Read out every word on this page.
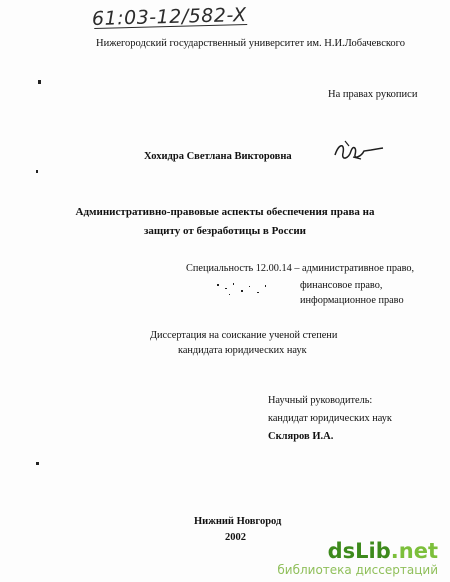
61:03-12/582-X
Нижегородский государственный университет им. Н.И.Лобачевского
На правах рукописи
Хохидра Светлана Викторовна
Административно-правовые аспекты обеспечения права на
защиту от безработицы в России
Специальность 12.00.14 – административное право,
финансовое право,
информационное право
Диссертация на соискание ученой степени
кандидата юридических наук
Научный руководитель:
кандидат юридических наук
Скляров И.А.
Нижний Новгород
2002
dsLib.net
библиотека диссертаций
